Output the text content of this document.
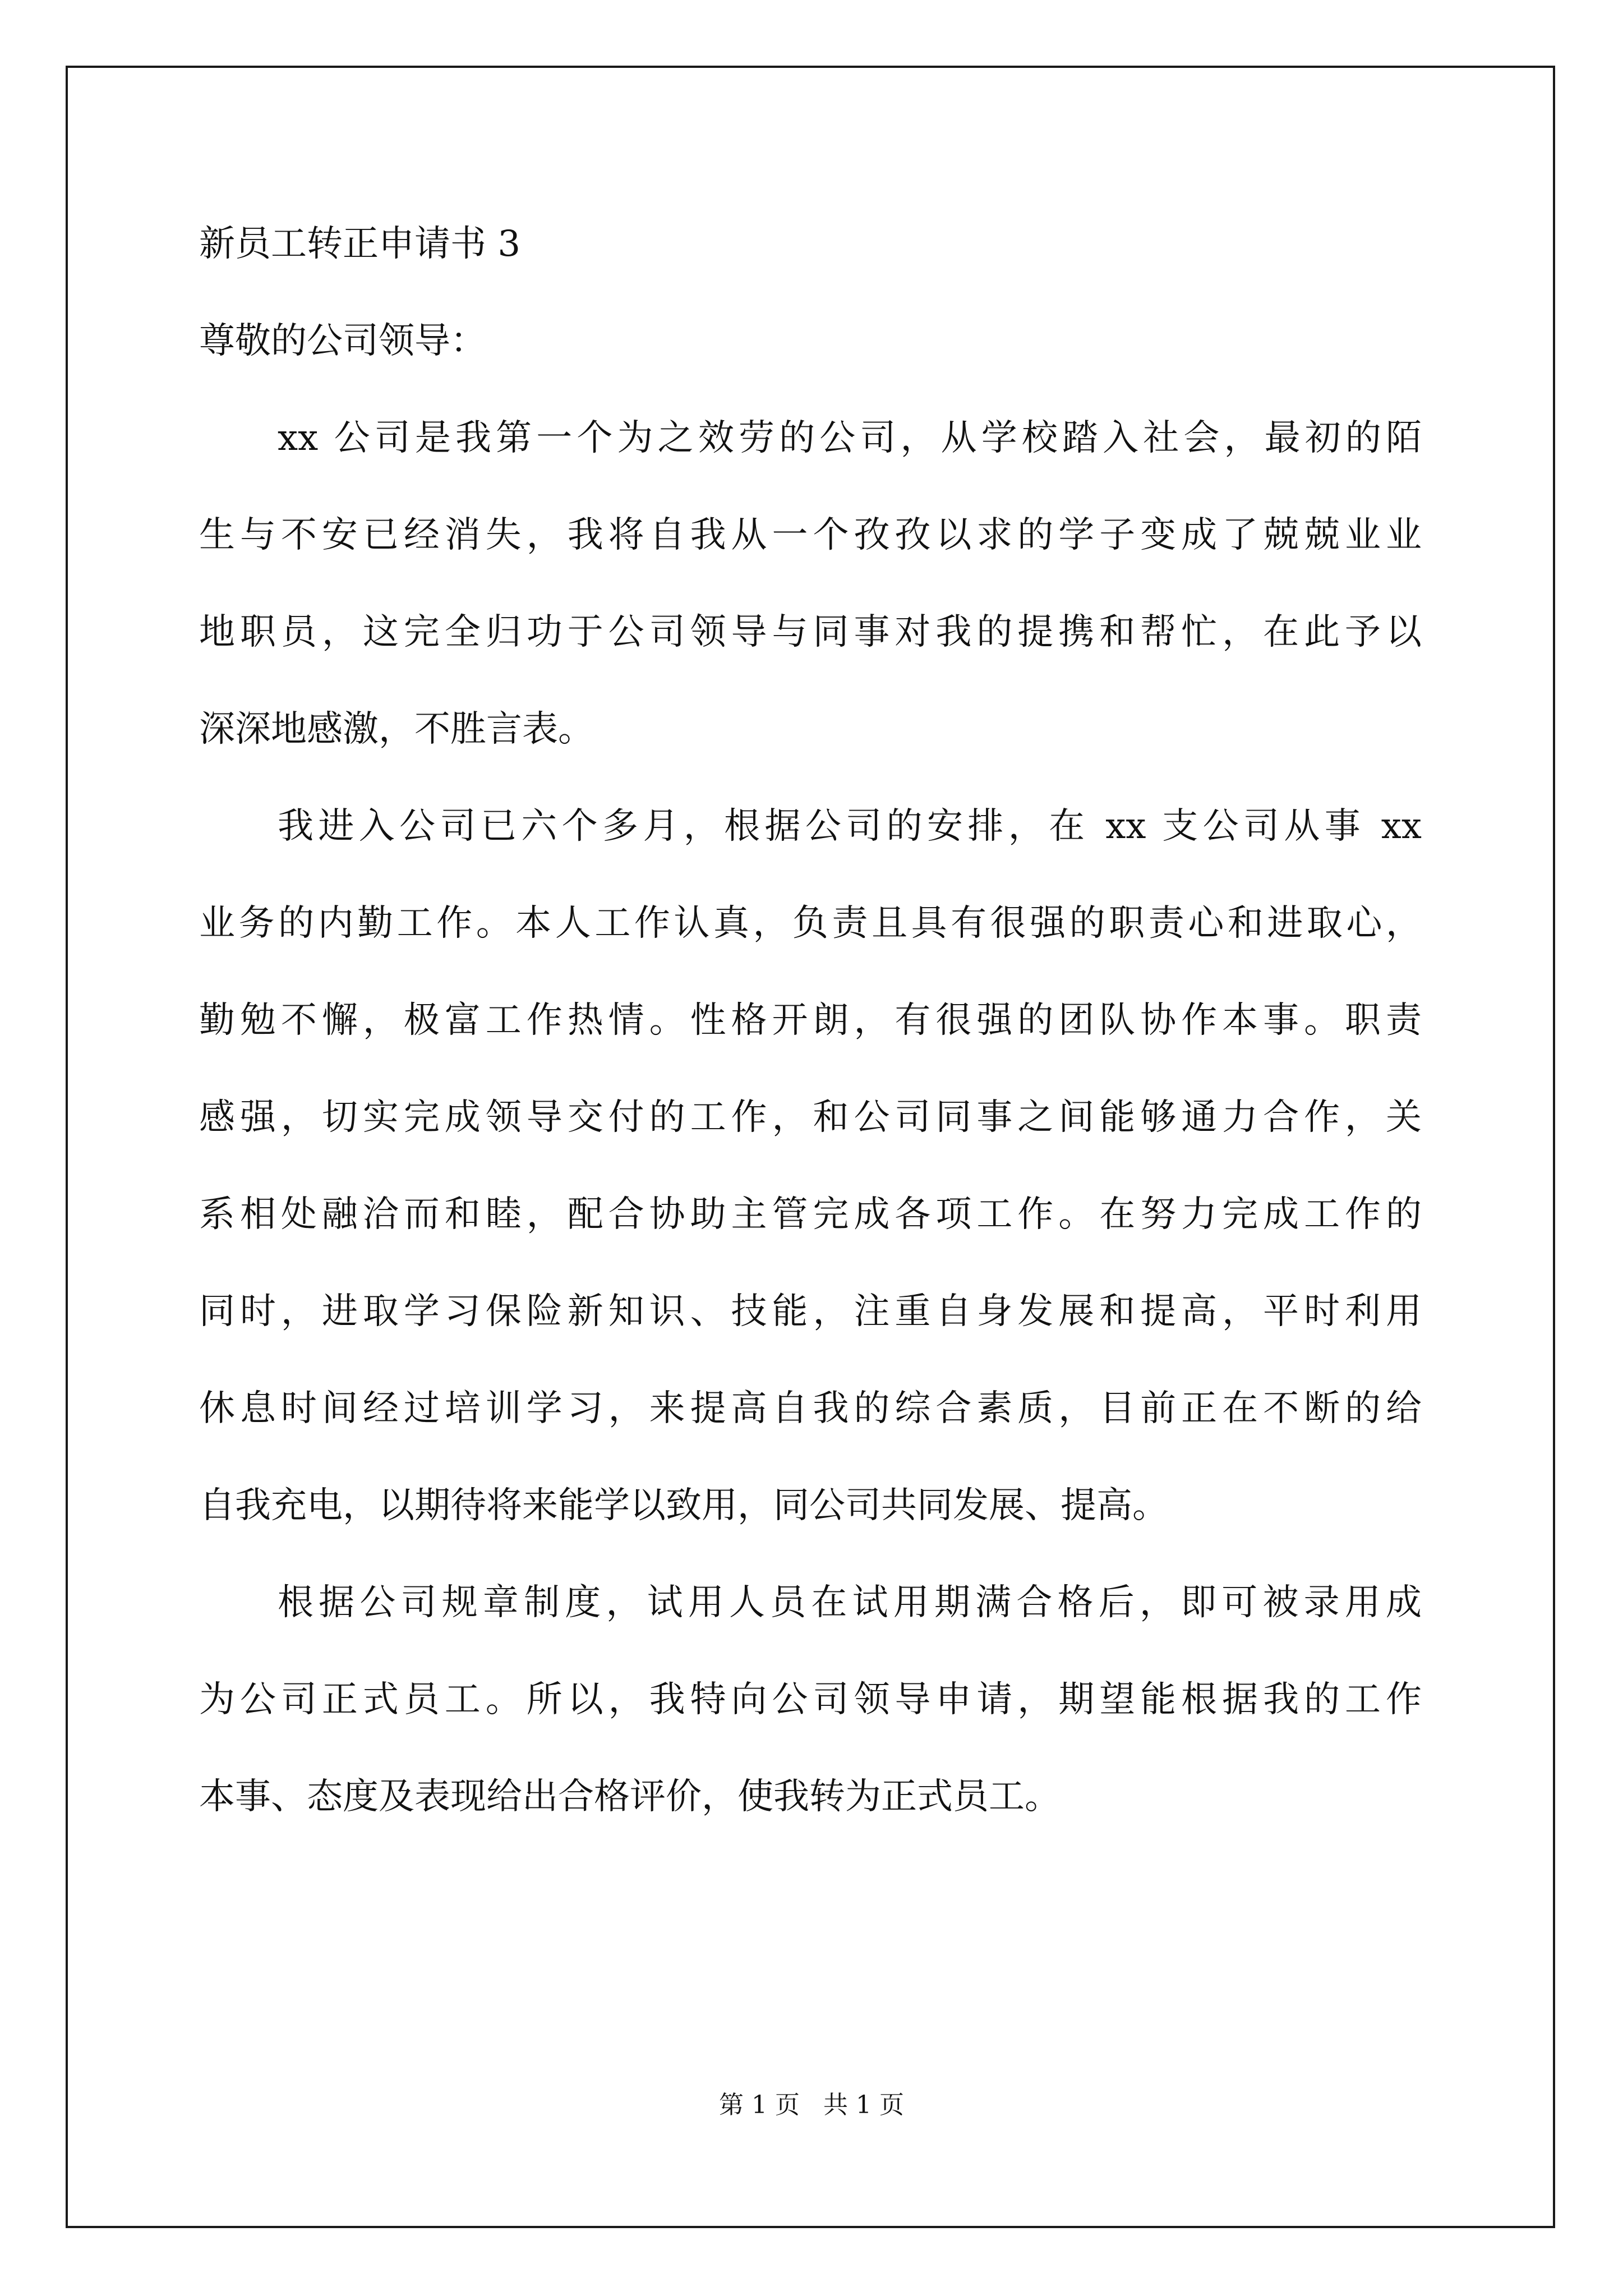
新员工转正申请书 3
尊敬的公司领导：
xx 公司是我第一个为之效劳的公司，从学校踏入社会，最初的陌
生与不安已经消失，我将自我从一个孜孜以求的学子变成了兢兢业业
地职员，这完全归功于公司领导与同事对我的提携和帮忙，在此予以
深深地感激，不胜言表。
我进入公司已六个多月，根据公司的安排，在 xx 支公司从事 xx
业务的内勤工作。本人工作认真，负责且具有很强的职责心和进取心，
勤勉不懈，极富工作热情。性格开朗，有很强的团队协作本事。职责
感强，切实完成领导交付的工作，和公司同事之间能够通力合作，关
系相处融洽而和睦，配合协助主管完成各项工作。在努力完成工作的
同时，进取学习保险新知识、技能，注重自身发展和提高，平时利用
休息时间经过培训学习，来提高自我的综合素质，目前正在不断的给
自我充电，以期待将来能学以致用，同公司共同发展、提高。
根据公司规章制度，试用人员在试用期满合格后，即可被录用成
为公司正式员工。所以，我特向公司领导申请，期望能根据我的工作
本事、态度及表现给出合格评价，使我转为正式员工。
第 1 页   共 1 页
